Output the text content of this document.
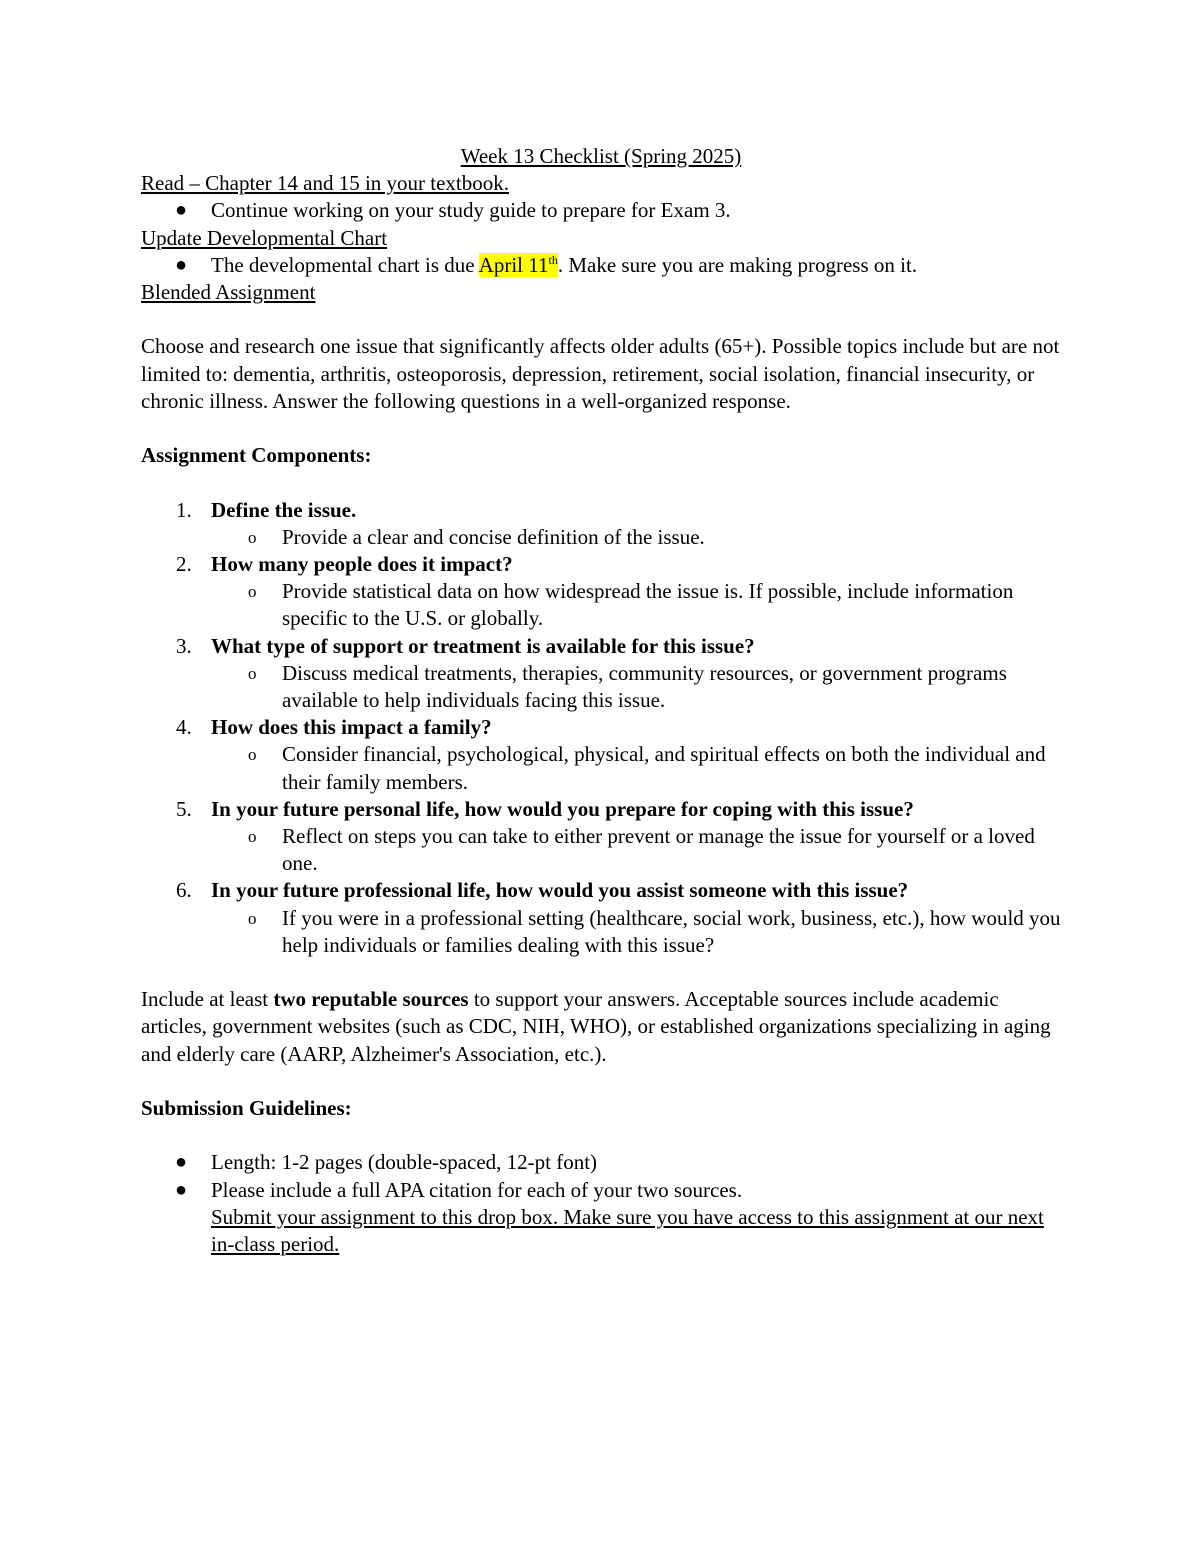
Week 13 Checklist (Spring 2025)
Read – Chapter 14 and 15 in your textbook.
● Continue working on your study guide to prepare for Exam 3.
Update Developmental Chart
● The developmental chart is due April 11th. Make sure you are making progress on it.
Blended Assignment
Choose and research one issue that significantly affects older adults (65+). Possible topics include but are not limited to: dementia, arthritis, osteoporosis, depression, retirement, social isolation, financial insecurity, or chronic illness. Answer the following questions in a well-organized response.
Assignment Components:
1. Define the issue.
o Provide a clear and concise definition of the issue.
2. How many people does it impact?
o Provide statistical data on how widespread the issue is. If possible, include information specific to the U.S. or globally.
3. What type of support or treatment is available for this issue?
o Discuss medical treatments, therapies, community resources, or government programs available to help individuals facing this issue.
4. How does this impact a family?
o Consider financial, psychological, physical, and spiritual effects on both the individual and their family members.
5. In your future personal life, how would you prepare for coping with this issue?
o Reflect on steps you can take to either prevent or manage the issue for yourself or a loved one.
6. In your future professional life, how would you assist someone with this issue?
o If you were in a professional setting (healthcare, social work, business, etc.), how would you help individuals or families dealing with this issue?
Include at least two reputable sources to support your answers. Acceptable sources include academic articles, government websites (such as CDC, NIH, WHO), or established organizations specializing in aging and elderly care (AARP, Alzheimer's Association, etc.).
Submission Guidelines:
● Length: 1-2 pages (double-spaced, 12-pt font)
● Please include a full APA citation for each of your two sources.
Submit your assignment to this drop box. Make sure you have access to this assignment at our next in-class period.
